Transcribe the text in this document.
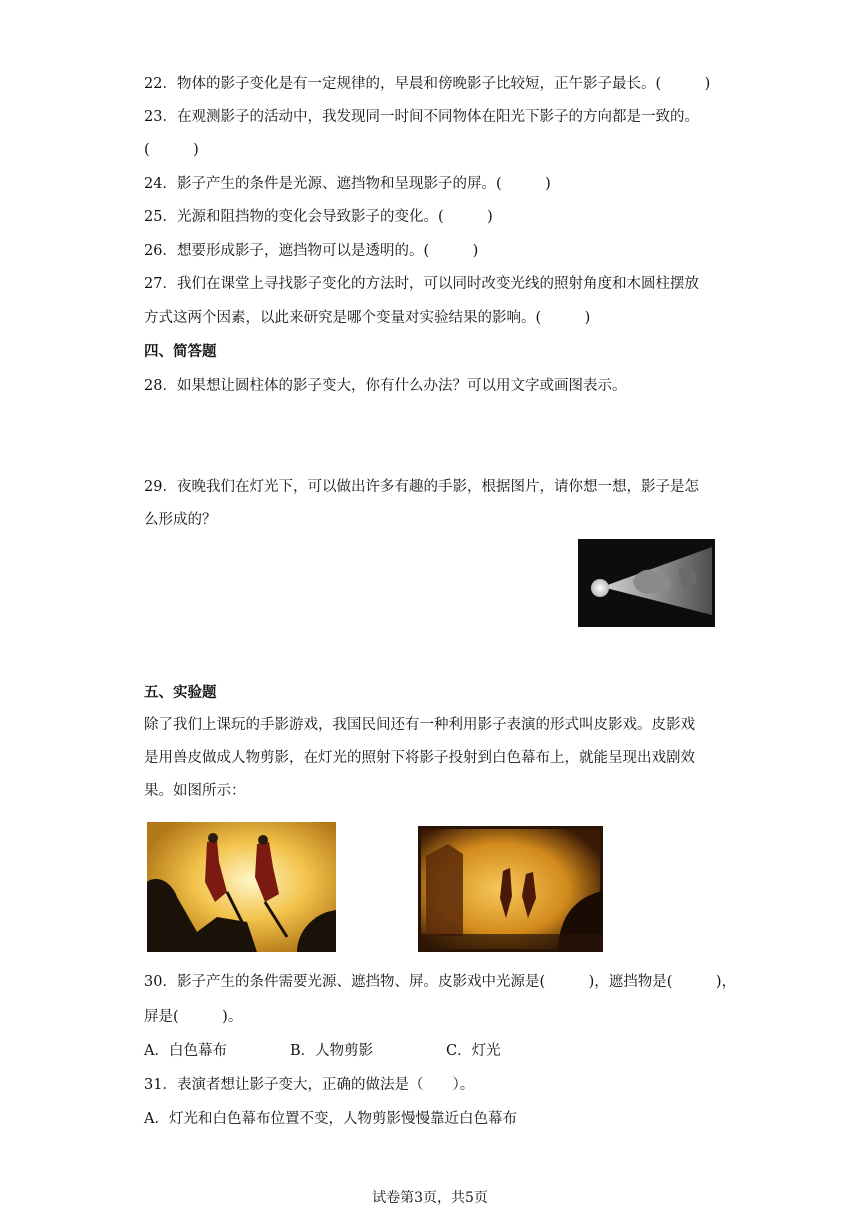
22．物体的影子变化是有一定规律的，早晨和傍晚影子比较短，正午影子最长。(　　　)
23．在观测影子的活动中，我发现同一时间不同物体在阳光下影子的方向都是一致的。
(　　　)
24．影子产生的条件是光源、遮挡物和呈现影子的屏。(　　　)
25．光源和阻挡物的变化会导致影子的变化。(　　　)
26．想要形成影子，遮挡物可以是透明的。(　　　)
27．我们在课堂上寻找影子变化的方法时，可以同时改变光线的照射角度和木圆柱摆放
方式这两个因素，以此来研究是哪个变量对实验结果的影响。(　　　)
四、简答题
28．如果想让圆柱体的影子变大，你有什么办法？可以用文字或画图表示。
29．夜晚我们在灯光下，可以做出许多有趣的手影，根据图片，请你想一想，影子是怎
么形成的？
五、实验题
除了我们上课玩的手影游戏，我国民间还有一种利用影子表演的形式叫皮影戏。皮影戏
是用兽皮做成人物剪影，在灯光的照射下将影子投射到白色幕布上，就能呈现出戏剧效
果。如图所示：
30．影子产生的条件需要光源、遮挡物、屏。皮影戏中光源是(　　　)，遮挡物是(　　　)，
屏是(　　　)。
A．白色幕布	B．人物剪影	C．灯光
31．表演者想让影子变大，正确的做法是（　　）。
A．灯光和白色幕布位置不变，人物剪影慢慢靠近白色幕布
试卷第3页，共5页
